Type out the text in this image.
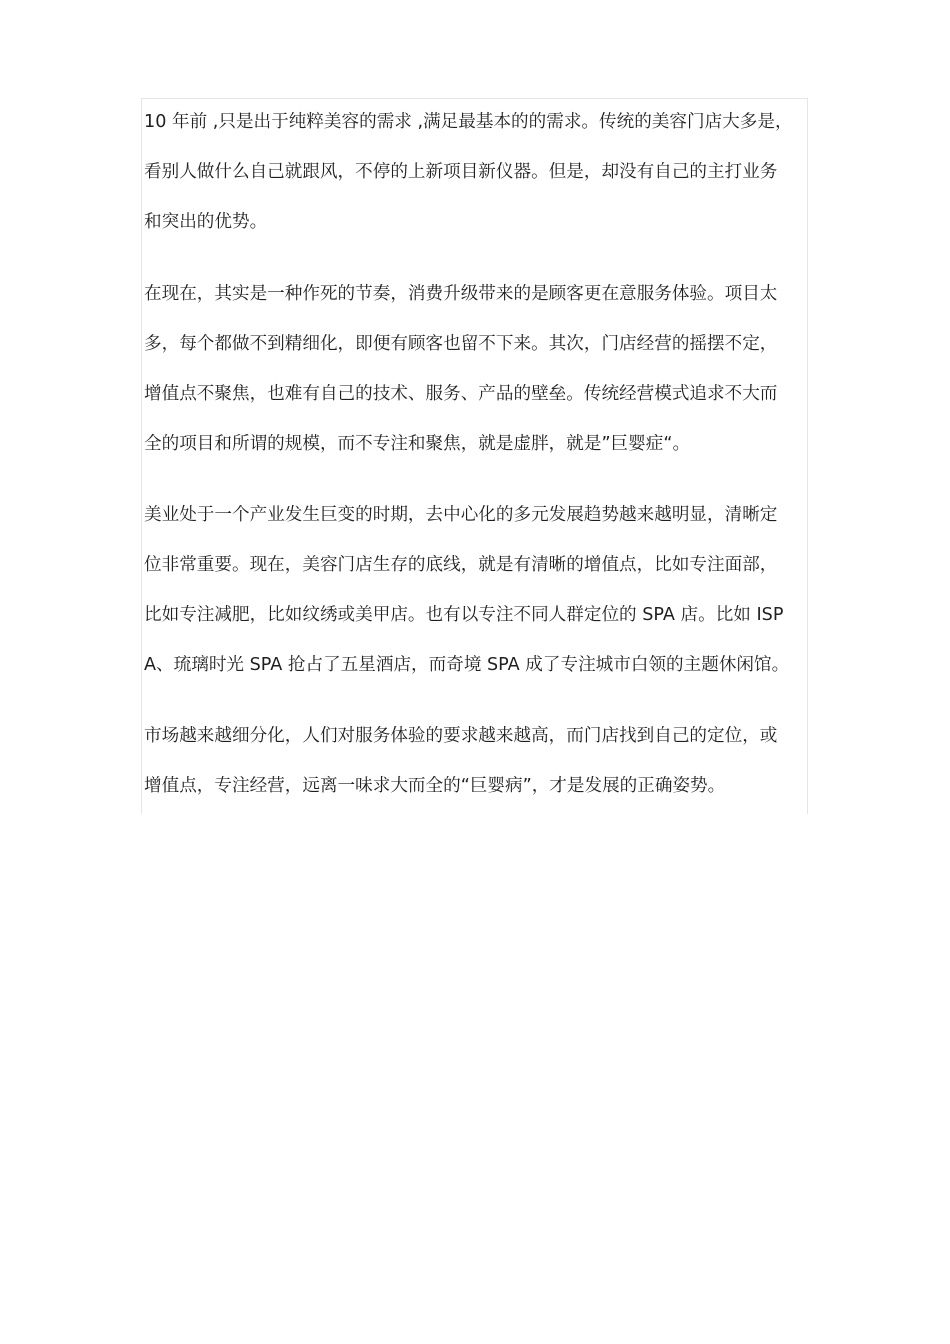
10 年前 ,只是出于纯粹美容的需求 ,满足最基本的的需求。传统的美容门店大多是，
看别人做什么自己就跟风，不停的上新项目新仪器。但是，却没有自己的主打业务
和突出的优势。
在现在，其实是一种作死的节奏，消费升级带来的是顾客更在意服务体验。项目太
多，每个都做不到精细化，即便有顾客也留不下来。其次，门店经营的摇摆不定，
增值点不聚焦，也难有自己的技术、服务、产品的壁垒。传统经营模式追求不大而
全的项目和所谓的规模，而不专注和聚焦，就是虚胖，就是”巨婴症“。
美业处于一个产业发生巨变的时期，去中心化的多元发展趋势越来越明显，清晰定
位非常重要。现在，美容门店生存的底线，就是有清晰的增值点，比如专注面部，
比如专注减肥，比如纹绣或美甲店。也有以专注不同人群定位的 SPA 店。比如 ISP
A、琉璃时光 SPA 抢占了五星酒店，而奇境 SPA 成了专注城市白领的主题休闲馆。
市场越来越细分化，人们对服务体验的要求越来越高，而门店找到自己的定位，或
增值点，专注经营，远离一味求大而全的“巨婴病”，才是发展的正确姿势。
